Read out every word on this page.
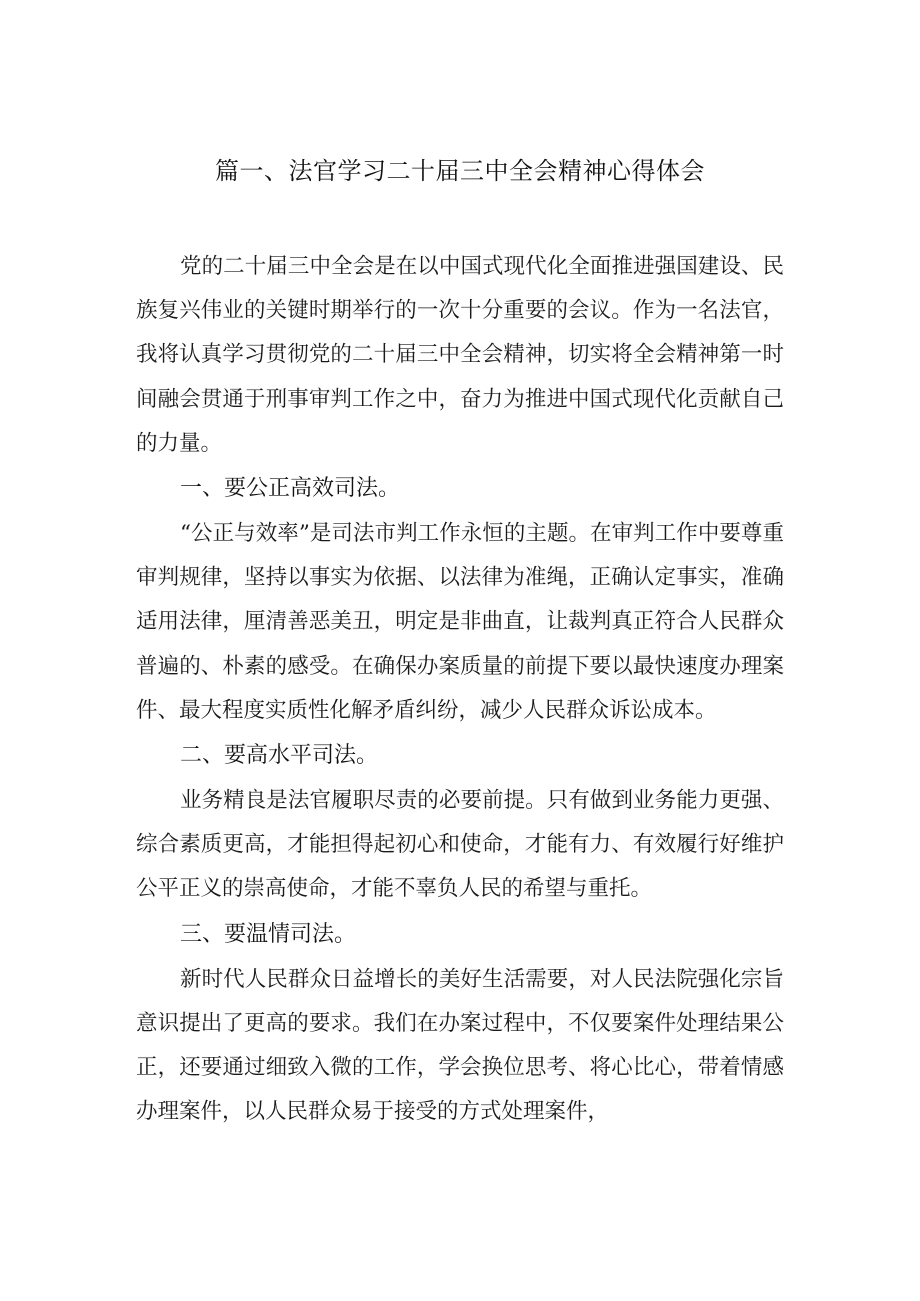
篇一、法官学习二十届三中全会精神心得体会

党的二十届三中全会是在以中国式现代化全面推进强国建设、民族复兴伟业的关键时期举行的一次十分重要的会议。作为一名法官，我将认真学习贯彻党的二十届三中全会精神，切实将全会精神第一时间融会贯通于刑事审判工作之中，奋力为推进中国式现代化贡献自己的力量。

一、要公正高效司法。

“公正与效率”是司法市判工作永恒的主题。在审判工作中要尊重审判规律，坚持以事实为依据、以法律为准绳，正确认定事实，准确适用法律，厘清善恶美丑，明定是非曲直，让裁判真正符合人民群众普遍的、朴素的感受。在确保办案质量的前提下要以最快速度办理案件、最大程度实质性化解矛盾纠纷，减少人民群众诉讼成本。

二、要高水平司法。

业务精良是法官履职尽责的必要前提。只有做到业务能力更强、综合素质更高，才能担得起初心和使命，才能有力、有效履行好维护公平正义的崇高使命，才能不辜负人民的希望与重托。

三、要温情司法。

新时代人民群众日益增长的美好生活需要，对人民法院强化宗旨意识提出了更高的要求。我们在办案过程中，不仅要案件处理结果公正，还要通过细致入微的工作，学会换位思考、将心比心，带着情感办理案件，以人民群众易于接受的方式处理案件，
